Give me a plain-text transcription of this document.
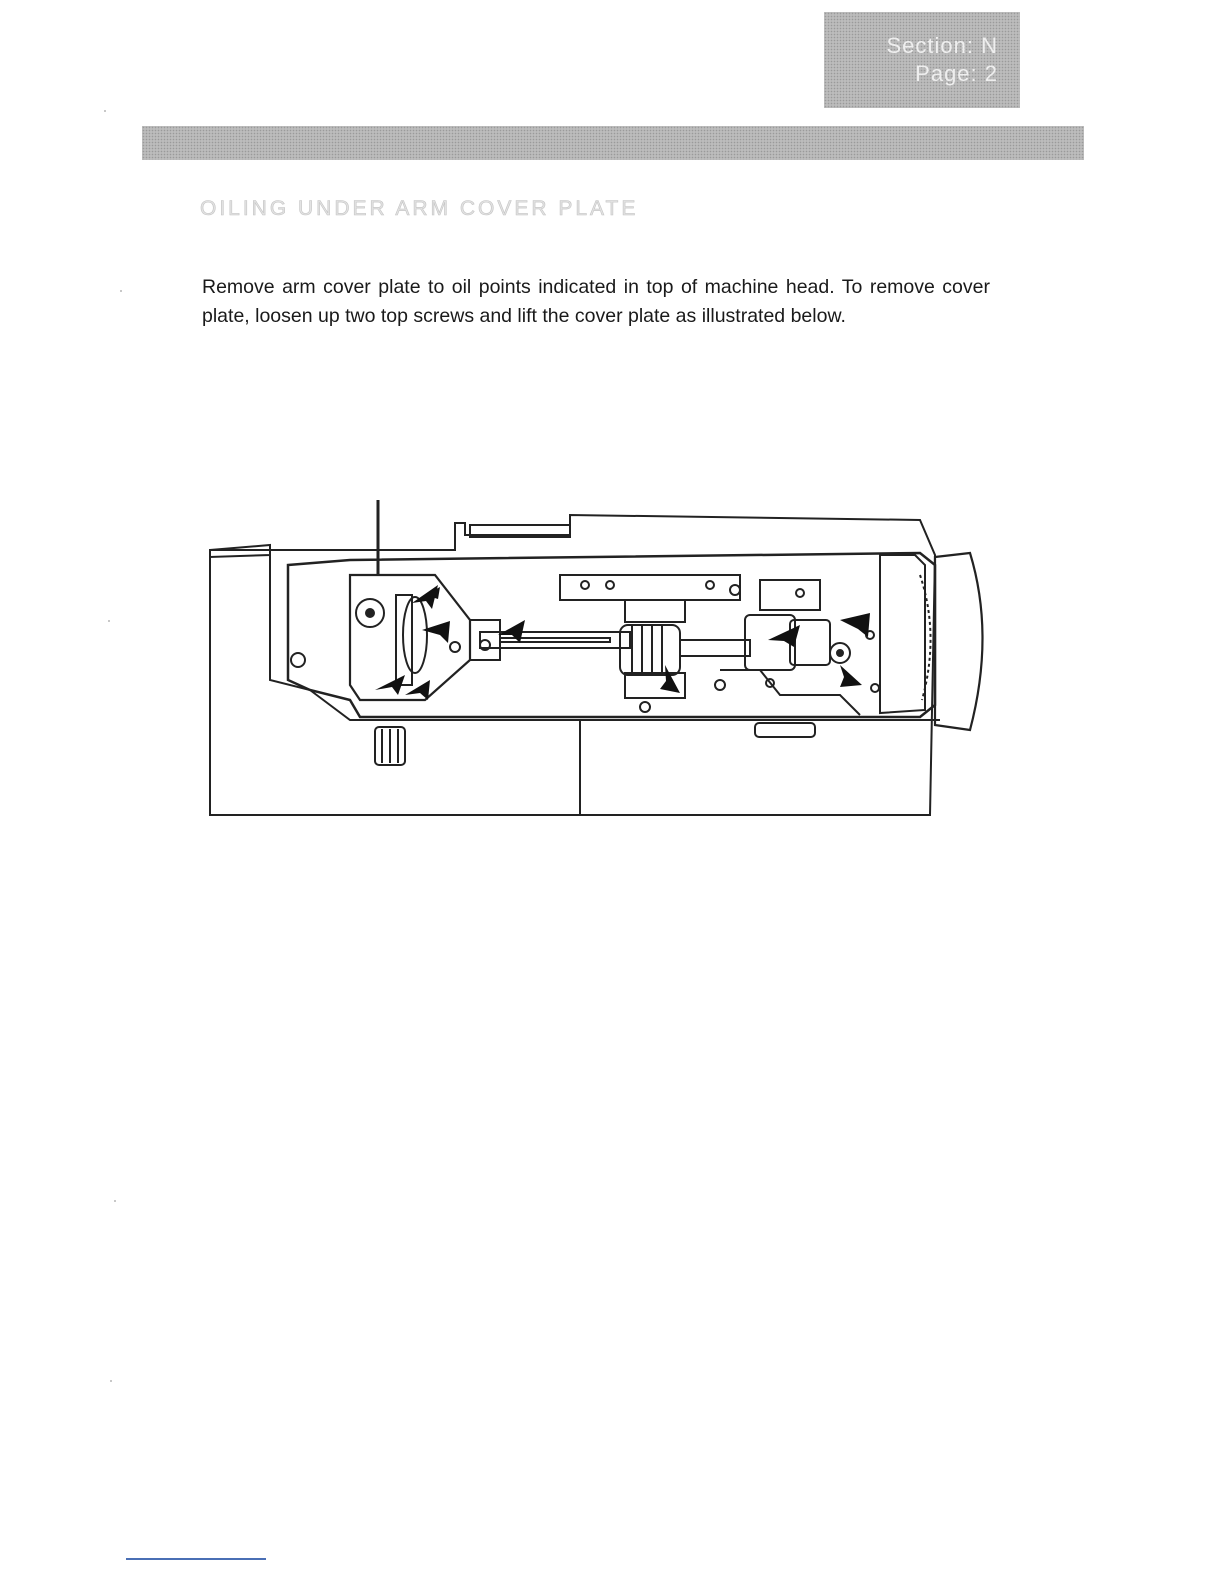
Section: N
Page: 2
OILING UNDER ARM COVER PLATE

Remove arm cover plate to oil points indicated in top of machine head. To remove cover plate, loosen up two top screws and lift the cover plate as illustrated below.
